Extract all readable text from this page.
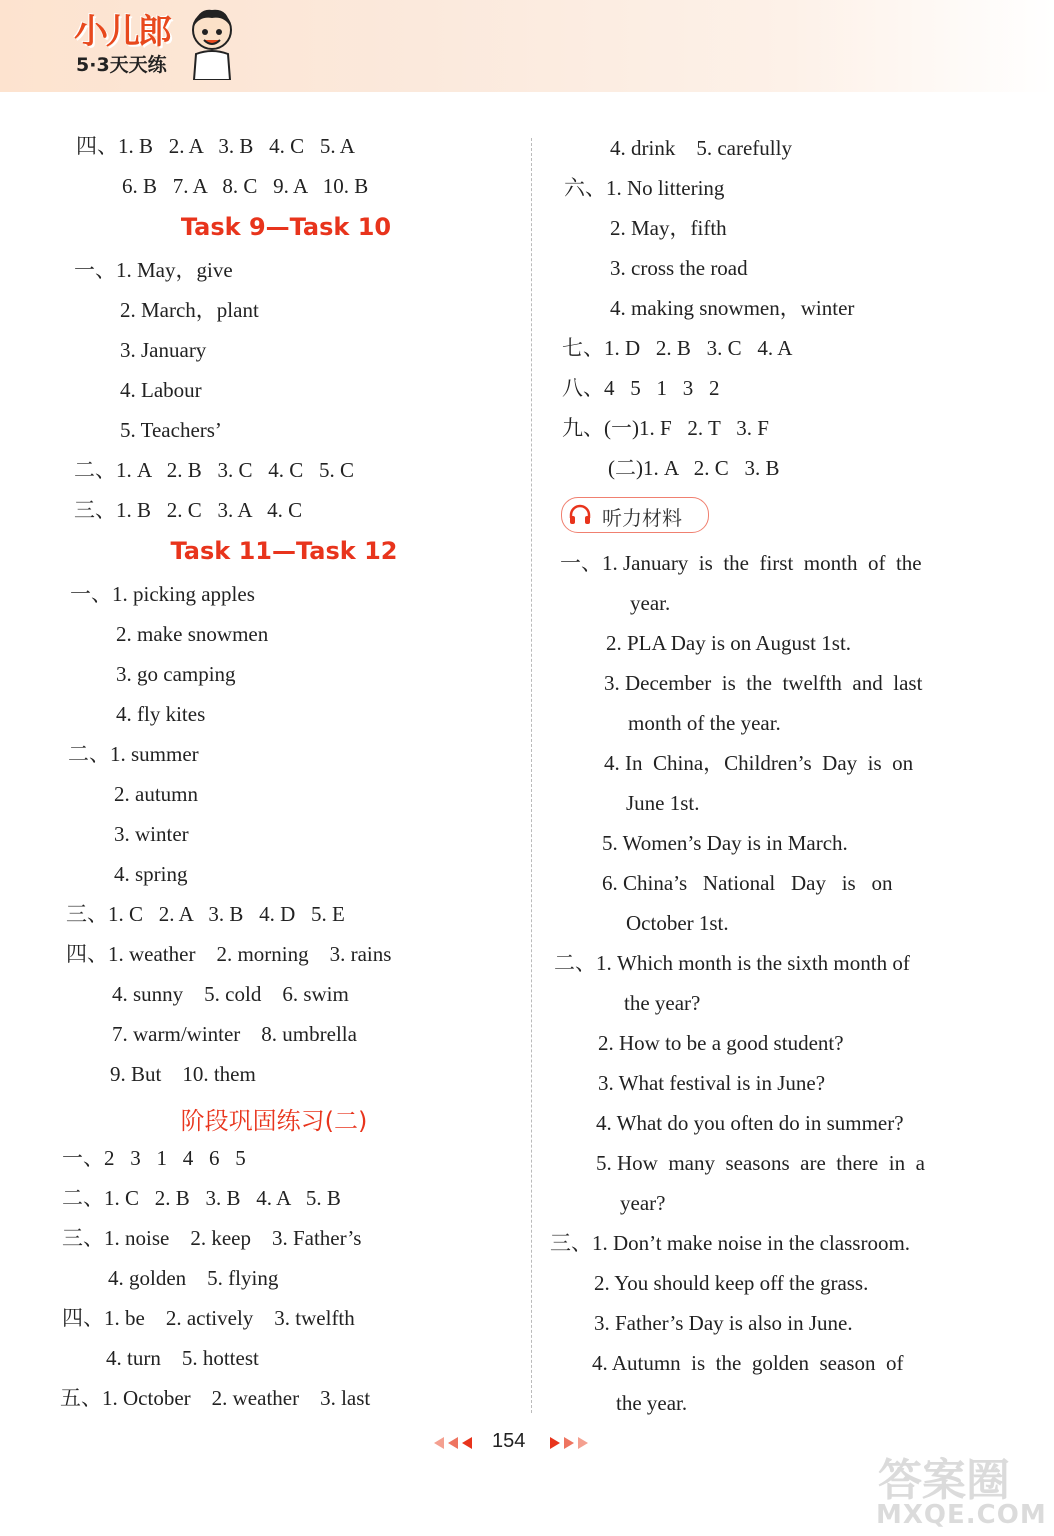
小儿郎
5·3天天练
四、1. B   2. A   3. B   4. C   5. A
6. B   7. A   8. C   9. A   10. B
Task 9—Task 10
一、1. May，give
2. March，plant
3. January
4. Labour
5. Teachers’
二、1. A   2. B   3. C   4. C   5. C
三、1. B   2. C   3. A   4. C
Task 11—Task 12
一、1. picking apples
2. make snowmen
3. go camping
4. fly kites
二、1. summer
2. autumn
3. winter
4. spring
三、1. C   2. A   3. B   4. D   5. E
四、1. weather    2. morning    3. rains
4. sunny    5. cold    6. swim
7. warm/winter    8. umbrella
9. But    10. them
阶段巩固练习(二)
一、2   3   1   4   6   5
二、1. C   2. B   3. B   4. A   5. B
三、1. noise    2. keep    3. Father’s
4. golden    5. flying
四、1. be    2. actively    3. twelfth
4. turn    5. hottest
五、1. October    2. weather    3. last
4. drink    5. carefully
六、1. No littering
2. May，fifth
3. cross the road
4. making snowmen，winter
七、1. D   2. B   3. C   4. A
八、4   5   1   3   2
九、(一)1. F   2. T   3. F
(二)1. A   2. C   3. B
听力材料
一、1. January  is  the  first  month  of  the
year.
2. PLA Day is on August 1st.
3. December  is  the  twelfth  and  last
month of the year.
4. In  China，Children’s  Day  is  on
June 1st.
5. Women’s Day is in March.
6. China’s   National   Day   is   on
October 1st.
二、1. Which month is the sixth month of
the year?
2. How to be a good student?
3. What festival is in June?
4. What do you often do in summer?
5. How  many  seasons  are  there  in  a
year?
三、1. Don’t make noise in the classroom.
2. You should keep off the grass.
3. Father’s Day is also in June.
4. Autumn  is  the  golden  season  of
the year.
154
答案圈
MXQE.COM
